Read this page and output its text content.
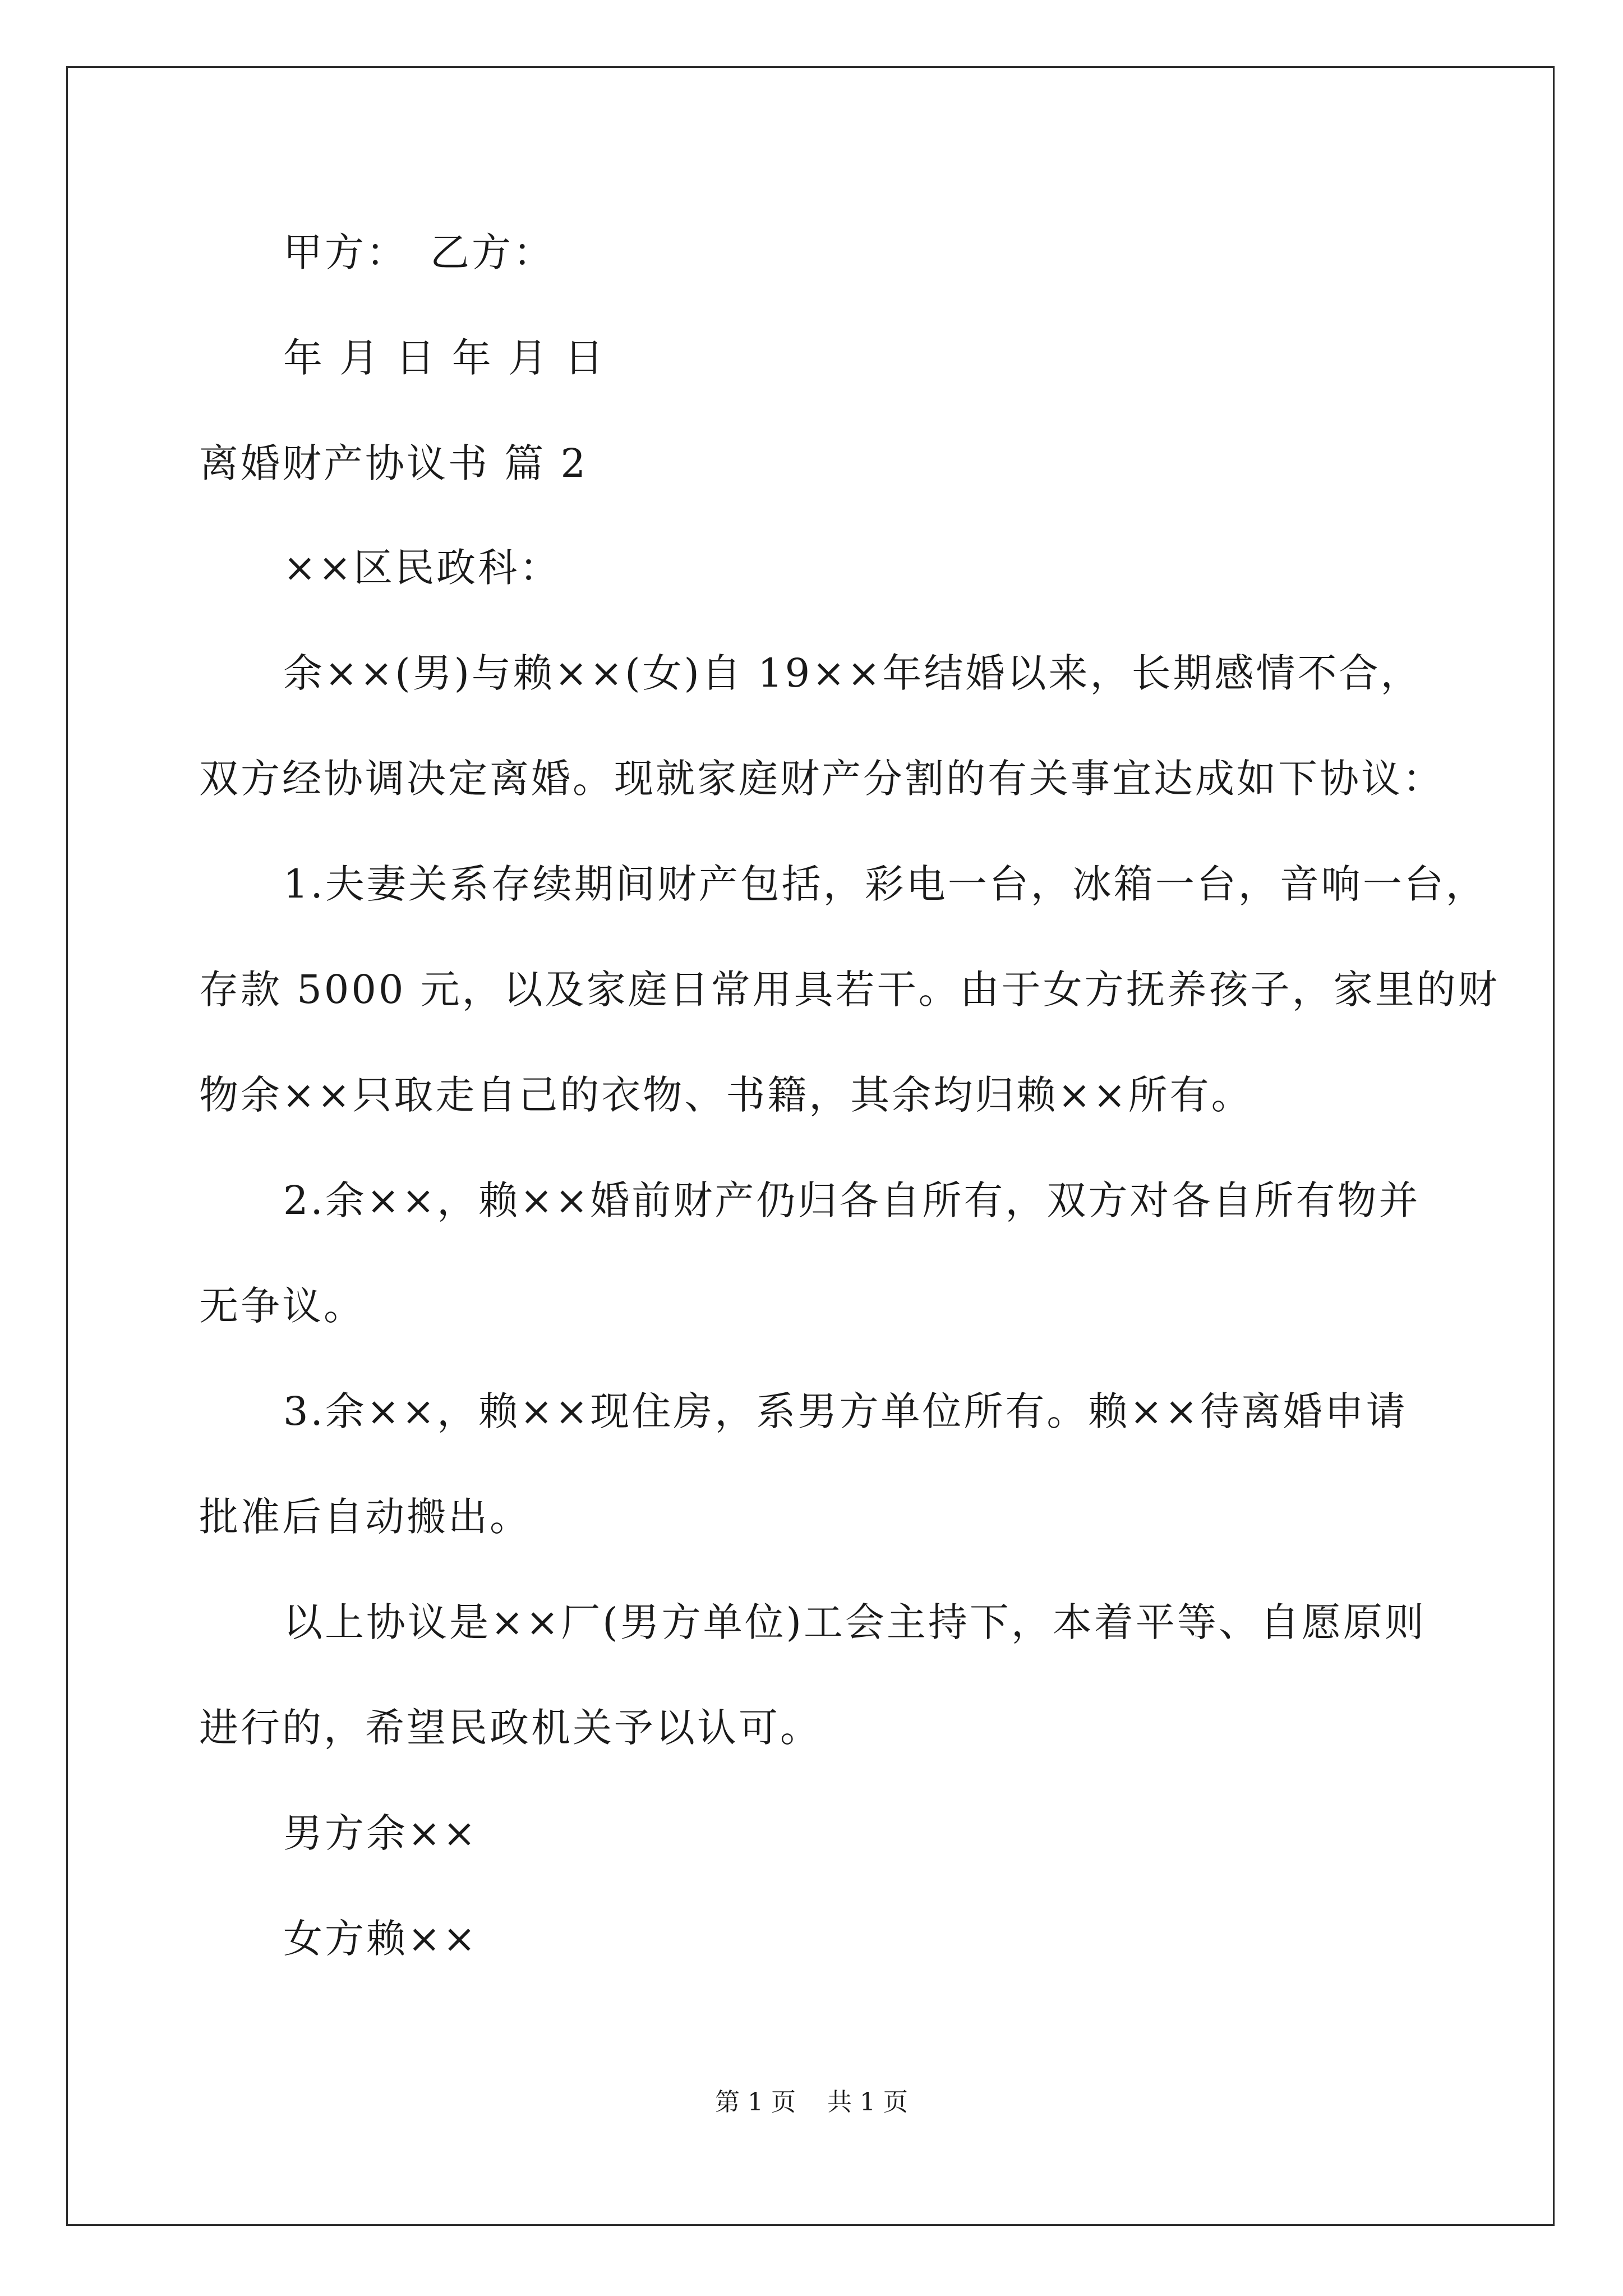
甲方： 乙方：
年 月 日 年 月 日
离婚财产协议书 篇 2
××区民政科：
余××(男)与赖××(女)自 19××年结婚以来，长期感情不合，
双方经协调决定离婚。现就家庭财产分割的有关事宜达成如下协议：
1.夫妻关系存续期间财产包括，彩电一台，冰箱一台，音响一台，
存款 5000 元，以及家庭日常用具若干。由于女方抚养孩子，家里的财
物余××只取走自己的衣物、书籍，其余均归赖××所有。
2.余××，赖××婚前财产仍归各自所有，双方对各自所有物并
无争议。
3.余××，赖××现住房，系男方单位所有。赖××待离婚申请
批准后自动搬出。
以上协议是××厂(男方单位)工会主持下，本着平等、自愿原则
进行的，希望民政机关予以认可。
男方余××
女方赖××
第 1 页    共 1 页
